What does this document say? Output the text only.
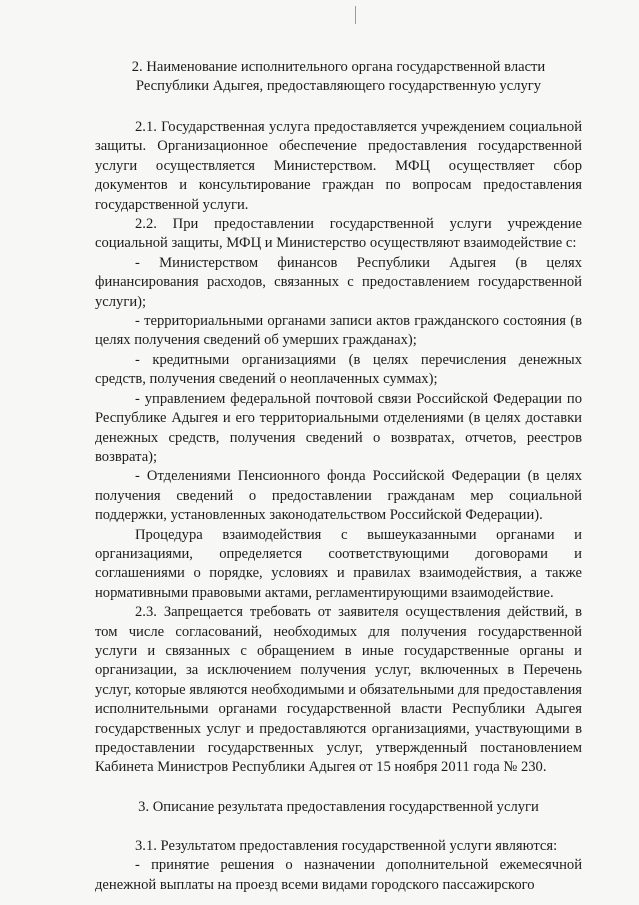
2. Наименование исполнительного органа государственной власти
Республики Адыгея, предоставляющего государственную услугу

2.1. Государственная услуга предоставляется учреждением социальной защиты. Организационное обеспечение предоставления государственной услуги осуществляется Министерством. МФЦ осуществляет сбор документов и консультирование граждан по вопросам предоставления государственной услуги.

2.2. При предоставлении государственной услуги учреждение социальной защиты, МФЦ и Министерство осуществляют взаимодействие с:

- Министерством финансов Республики Адыгея (в целях финансирования расходов, связанных с предоставлением государственной услуги);

- территориальными органами записи актов гражданского состояния (в целях получения сведений об умерших гражданах);

- кредитными организациями (в целях перечисления денежных средств, получения сведений о неоплаченных суммах);

- управлением федеральной почтовой связи Российской Федерации по Республике Адыгея и его территориальными отделениями (в целях доставки денежных средств, получения сведений о возвратах, отчетов, реестров возврата);

- Отделениями Пенсионного фонда Российской Федерации (в целях получения сведений о предоставлении гражданам мер социальной поддержки, установленных законодательством Российской Федерации).

Процедура взаимодействия с вышеуказанными органами и организациями, определяется соответствующими договорами и соглашениями о порядке, условиях и правилах взаимодействия, а также нормативными правовыми актами, регламентирующими взаимодействие.

2.3. Запрещается требовать от заявителя осуществления действий, в том числе согласований, необходимых для получения государственной услуги и связанных с обращением в иные государственные органы и организации, за исключением получения услуг, включенных в Перечень услуг, которые являются необходимыми и обязательными для предоставления исполнительными органами государственной власти Республики Адыгея государственных услуг и предоставляются организациями, участвующими в предоставлении государственных услуг, утвержденный постановлением Кабинета Министров Республики Адыгея от 15 ноября 2011 года № 230.

3. Описание результата предоставления государственной услуги

3.1. Результатом предоставления государственной услуги являются:

- принятие решения о назначении дополнительной ежемесячной денежной выплаты на проезд всеми видами городского пассажирского
